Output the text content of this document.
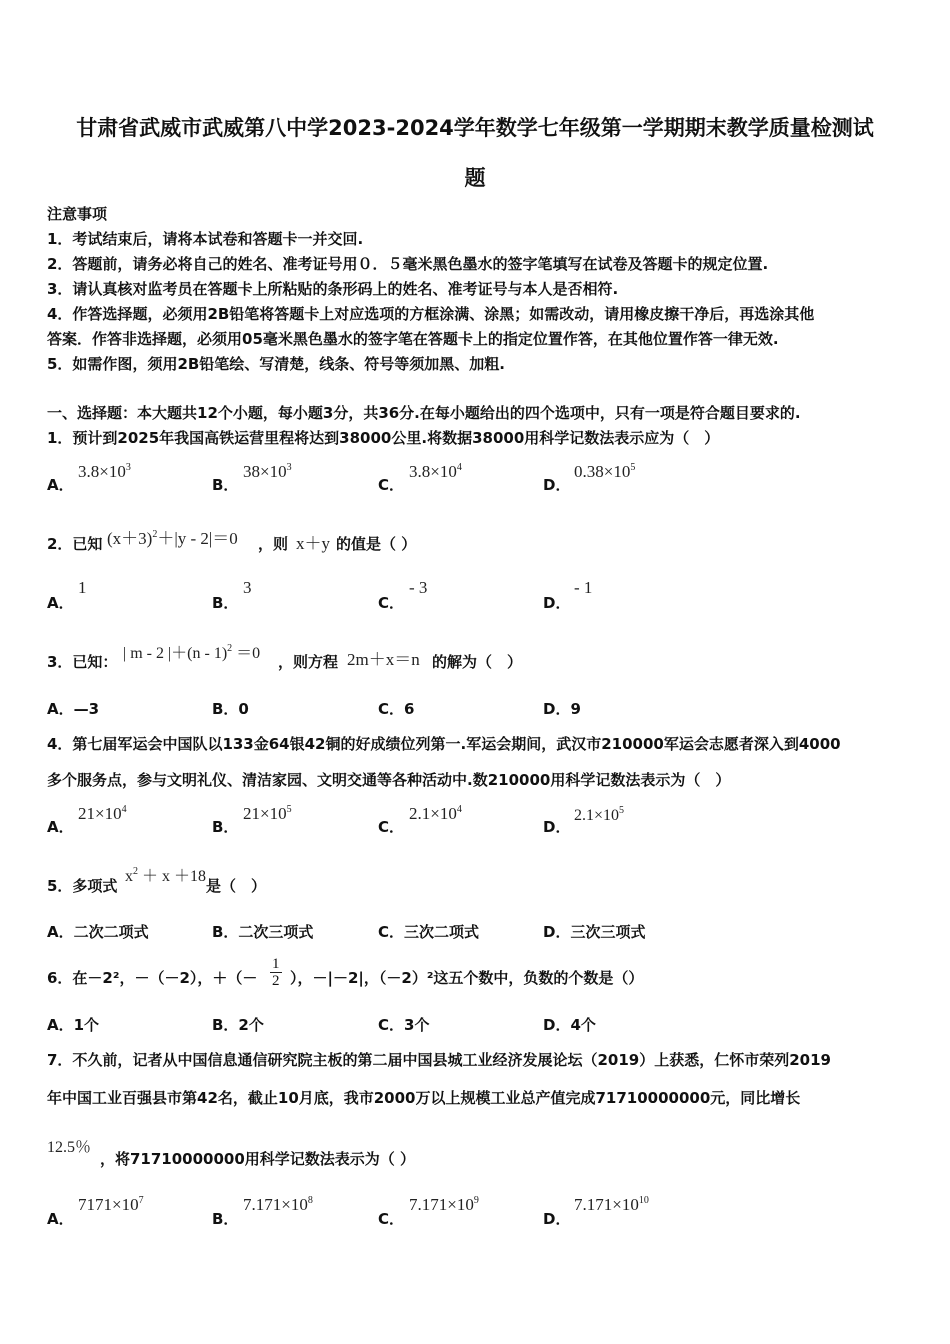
甘肃省武威市武威第八中学2023-2024学年数学七年级第一学期期末教学质量检测试
题
注意事项
1．考试结束后，请将本试卷和答题卡一并交回.
2．答题前，请务必将自己的姓名、准考证号用０．５毫米黑色墨水的签字笔填写在试卷及答题卡的规定位置.
3．请认真核对监考员在答题卡上所粘贴的条形码上的姓名、准考证号与本人是否相符.
4．作答选择题，必须用2B铅笔将答题卡上对应选项的方框涂满、涂黑；如需改动，请用橡皮擦干净后，再选涂其他
答案．作答非选择题，必须用05毫米黑色墨水的签字笔在答题卡上的指定位置作答，在其他位置作答一律无效.
5．如需作图，须用2B铅笔绘、写清楚，线条、符号等须加黑、加粗.
一、选择题：本大题共12个小题，每小题3分，共36分.在每小题给出的四个选项中，只有一项是符合题目要求的.
1．预计到2025年我国高铁运营里程将达到38000公里.将数据38000用科学记数法表示应为（　）
A．
$3.8\times 10^3$
B．
$38\times 10^3$
C．
$3.8\times 10^4$
D．
$0.38\times 10^5$
2．已知 $(x+3)^2+|y - 2|=0$ ，则 x＋y 的值是（ ）
A．
1
B．
3
C．
- 3
D．
- 1
3．已知： | m - 2 |＋(n - 1)$^2$ ＝0 ，则方程 2m＋x＝n 的解为（　）
A．—3	B．0	C．6	D．9
4．第七届军运会中国队以133金64银42铜的好成绩位列第一.军运会期间，武汉市210000军运会志愿者深入到4000
多个服务点，参与文明礼仪、清洁家园、文明交通等各种活动中.数210000用科学记数法表示为（　）
A．
$21\times 10^4$
B．
$21\times 10^5$
C．
$2.1\times 10^4$
D．
$2.1\times 10^5$
5．多项式
$x^2 + x +18$
是（　）
A．二次二项式	B．二次三项式	C．三次二项式	D．三次三项式
6．在－2²，－（－2），＋（－ $\frac{1}{2}$ ），－|－2|，（－2）²这五个数中，负数的个数是（）
A．1个	B．2个	C．3个	D．4个
7．不久前，记者从中国信息通信研究院主板的第二届中国县城工业经济发展论坛（2019）上获悉，仁怀市荣列2019
年中国工业百强县市第42名，截止10月底，我市2000万以上规模工业总产值完成71710000000元，同比增长
12.5％
，将71710000000用科学记数法表示为（ ）
A．
$7171\times 10^7$
B．
$7.171\times 10^8$
C．
$7.171\times 10^9$
D．
$7.171\times 10^{10}$
